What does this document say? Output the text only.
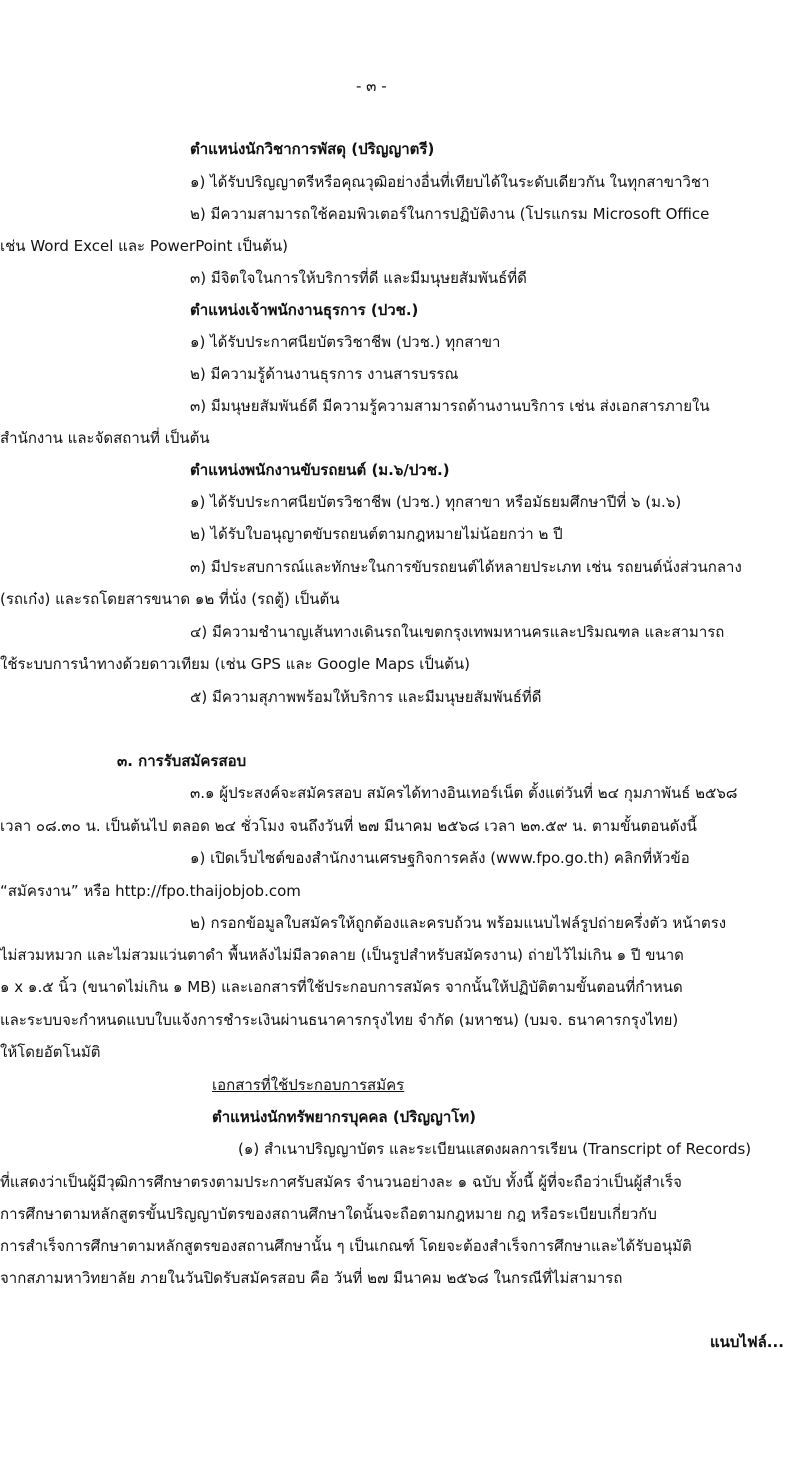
- ๓ -
ตำแหน่งนักวิชาการพัสดุ (ปริญญาตรี)
๑) ได้รับปริญญาตรีหรือคุณวุฒิอย่างอื่นที่เทียบได้ในระดับเดียวกัน ในทุกสาขาวิชา
๒) มีความสามารถใช้คอมพิวเตอร์ในการปฏิบัติงาน (โปรแกรม Microsoft Office
เช่น Word Excel และ PowerPoint เป็นต้น)
๓) มีจิตใจในการให้บริการที่ดี และมีมนุษยสัมพันธ์ที่ดี
ตำแหน่งเจ้าพนักงานธุรการ (ปวช.)
๑) ได้รับประกาศนียบัตรวิชาชีพ (ปวช.) ทุกสาขา
๒) มีความรู้ด้านงานธุรการ งานสารบรรณ
๓) มีมนุษยสัมพันธ์ดี มีความรู้ความสามารถด้านงานบริการ เช่น ส่งเอกสารภายใน
สำนักงาน และจัดสถานที่ เป็นต้น
ตำแหน่งพนักงานขับรถยนต์ (ม.๖/ปวช.)
๑) ได้รับประกาศนียบัตรวิชาชีพ (ปวช.) ทุกสาขา หรือมัธยมศึกษาปีที่ ๖ (ม.๖)
๒) ได้รับใบอนุญาตขับรถยนต์ตามกฎหมายไม่น้อยกว่า ๒ ปี
๓) มีประสบการณ์และทักษะในการขับรถยนต์ได้หลายประเภท เช่น รถยนต์นั่งส่วนกลาง
(รถเก๋ง) และรถโดยสารขนาด ๑๒ ที่นั่ง (รถตู้) เป็นต้น
๔) มีความชำนาญเส้นทางเดินรถในเขตกรุงเทพมหานครและปริมณฑล และสามารถ
ใช้ระบบการนำทางด้วยดาวเทียม (เช่น GPS และ Google Maps เป็นต้น)
๕) มีความสุภาพพร้อมให้บริการ และมีมนุษยสัมพันธ์ที่ดี
๓. การรับสมัครสอบ
๓.๑ ผู้ประสงค์จะสมัครสอบ สมัครได้ทางอินเทอร์เน็ต ตั้งแต่วันที่ ๒๔ กุมภาพันธ์ ๒๕๖๘
เวลา ๐๘.๓๐ น. เป็นต้นไป ตลอด ๒๔ ชั่วโมง จนถึงวันที่ ๒๗ มีนาคม ๒๕๖๘ เวลา ๒๓.๕๙ น. ตามขั้นตอนดังนี้
๑) เปิดเว็บไซต์ของสำนักงานเศรษฐกิจการคลัง (www.fpo.go.th) คลิกที่หัวข้อ
“สมัครงาน” หรือ http://fpo.thaijobjob.com
๒) กรอกข้อมูลใบสมัครให้ถูกต้องและครบถ้วน พร้อมแนบไฟล์รูปถ่ายครึ่งตัว หน้าตรง
ไม่สวมหมวก และไม่สวมแว่นตาดำ พื้นหลังไม่มีลวดลาย (เป็นรูปสำหรับสมัครงาน) ถ่ายไว้ไม่เกิน ๑ ปี ขนาด
๑ x ๑.๕ นิ้ว (ขนาดไม่เกิน ๑ MB) และเอกสารที่ใช้ประกอบการสมัคร จากนั้นให้ปฏิบัติตามขั้นตอนที่กำหนด
และระบบจะกำหนดแบบใบแจ้งการชำระเงินผ่านธนาคารกรุงไทย จำกัด (มหาชน) (บมจ. ธนาคารกรุงไทย)
ให้โดยอัตโนมัติ
เอกสารที่ใช้ประกอบการสมัคร
ตำแหน่งนักทรัพยากรบุคคล (ปริญญาโท)
(๑) สำเนาปริญญาบัตร และระเบียนแสดงผลการเรียน (Transcript of Records)
ที่แสดงว่าเป็นผู้มีวุฒิการศึกษาตรงตามประกาศรับสมัคร จำนวนอย่างละ ๑ ฉบับ ทั้งนี้ ผู้ที่จะถือว่าเป็นผู้สำเร็จ
การศึกษาตามหลักสูตรขั้นปริญญาบัตรของสถานศึกษาใดนั้นจะถือตามกฎหมาย กฎ หรือระเบียบเกี่ยวกับ
การสำเร็จการศึกษาตามหลักสูตรของสถานศึกษานั้น ๆ เป็นเกณฑ์ โดยจะต้องสำเร็จการศึกษาและได้รับอนุมัติ
จากสภามหาวิทยาลัย ภายในวันปิดรับสมัครสอบ คือ วันที่ ๒๗ มีนาคม ๒๕๖๘ ในกรณีที่ไม่สามารถ
แนบไฟล์...
